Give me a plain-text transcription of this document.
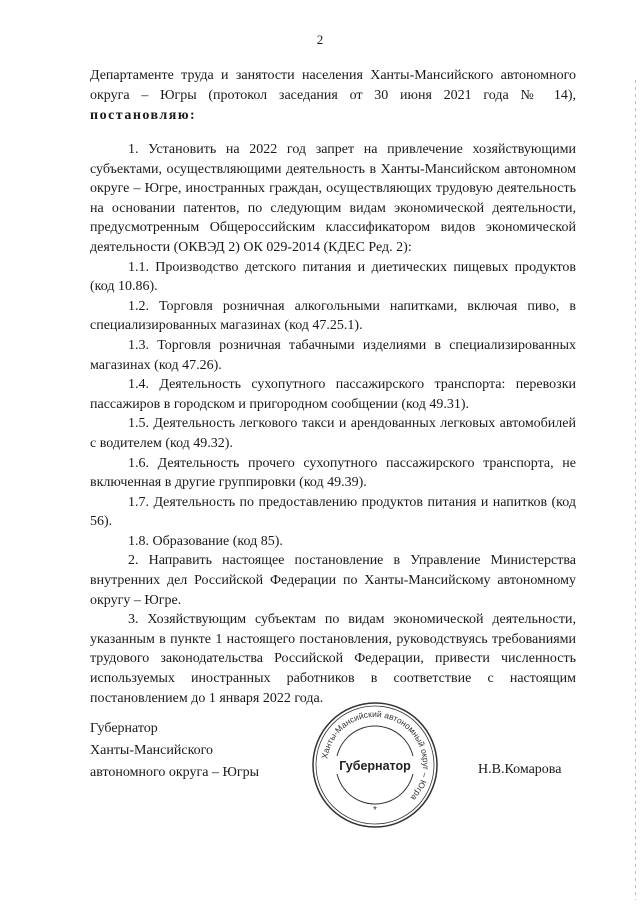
2
Департаменте труда и занятости населения Ханты-Мансийского автономного округа – Югры (протокол заседания от 30 июня 2021 года № 14), постановляю:

1. Установить на 2022 год запрет на привлечение хозяйствующими субъектами, осуществляющими деятельность в Ханты-Мансийском автономном округе – Югре, иностранных граждан, осуществляющих трудовую деятельность на основании патентов, по следующим видам экономической деятельности, предусмотренным Общероссийским классификатором видов экономической деятельности (ОКВЭД 2) ОК 029-2014 (КДЕС Ред. 2):

1.1. Производство детского питания и диетических пищевых продуктов (код 10.86).

1.2. Торговля розничная алкогольными напитками, включая пиво, в специализированных магазинах (код 47.25.1).

1.3. Торговля розничная табачными изделиями в специализированных магазинах (код 47.26).

1.4. Деятельность сухопутного пассажирского транспорта: перевозки пассажиров в городском и пригородном сообщении (код 49.31).

1.5. Деятельность легкового такси и арендованных легковых автомобилей с водителем (код 49.32).

1.6. Деятельность прочего сухопутного пассажирского транспорта, не включенная в другие группировки (код 49.39).

1.7. Деятельность по предоставлению продуктов питания и напитков (код 56).

1.8. Образование (код 85).

2. Направить настоящее постановление в Управление Министерства внутренних дел Российской Федерации по Ханты-Мансийскому автономному округу – Югре.

3. Хозяйствующим субъектам по видам экономической деятельности, указанным в пункте 1 настоящего постановления, руководствуясь требованиями трудового законодательства Российской Федерации, привести численность используемых иностранных работников в соответствие с настоящим постановлением до 1 января 2022 года.

Губернатор
Ханты-Мансийского
автономного округа – Югры	Н.В.Комарова
Ханты-Мансийский автономный округ – Югра
Губернатор
*
